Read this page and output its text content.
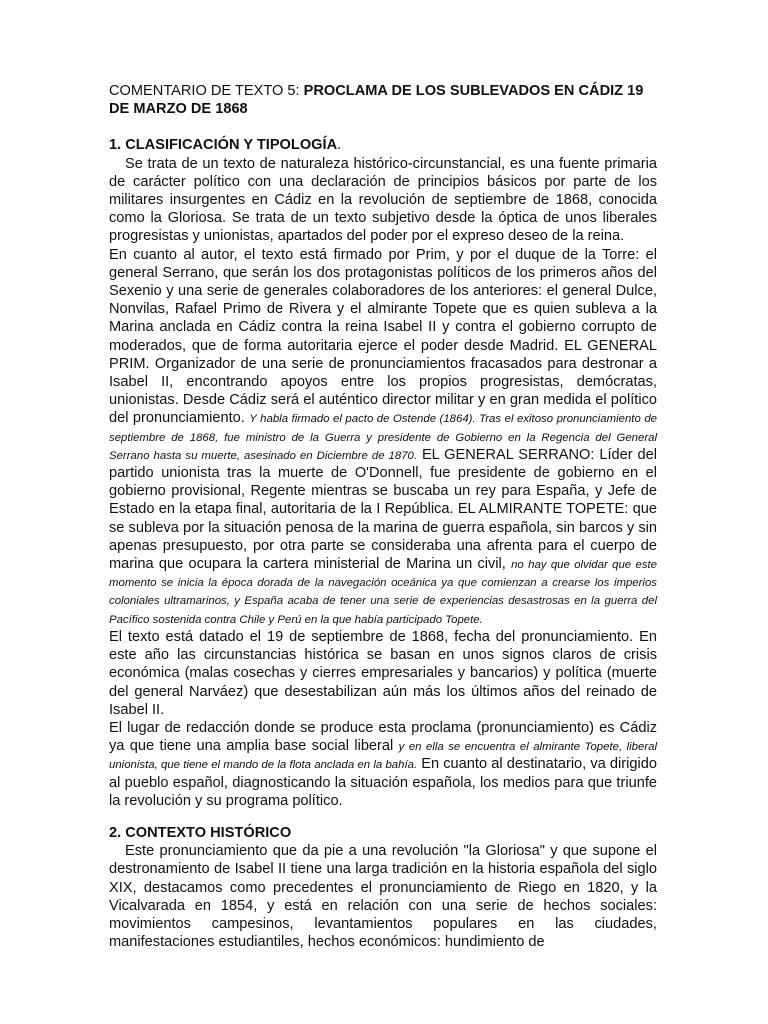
COMENTARIO DE TEXTO 5: PROCLAMA DE LOS SUBLEVADOS EN CÁDIZ 19 DE MARZO DE 1868
1. CLASIFICACIÓN Y TIPOLOGÍA.

Se trata de un texto de naturaleza histórico-circunstancial, es una fuente primaria de carácter político con una declaración de principios básicos por parte de los militares insurgentes en Cádiz en la revolución de septiembre de 1868, conocida como la Gloriosa. Se trata de un texto subjetivo desde la óptica de unos liberales progresistas y unionistas, apartados del poder por el expreso deseo de la reina.

En cuanto al autor, el texto está firmado por Prim, y por el duque de la Torre: el general Serrano, que serán los dos protagonistas políticos de los primeros años del Sexenio y una serie de generales colaboradores de los anteriores: el general Dulce, Nonvilas, Rafael Primo de Rivera y el almirante Topete que es quien subleva a la Marina anclada en Cádiz contra la reina Isabel II y contra el gobierno corrupto de moderados, que de forma autoritaria ejerce el poder desde Madrid. EL GENERAL PRIM. Organizador de una serie de pronunciamientos fracasados para destronar a Isabel II, encontrando apoyos entre los propios progresistas, demócratas, unionistas. Desde Cádiz será el auténtico director militar y en gran medida el político del pronunciamiento. Y habla firmado el pacto de Ostende (1864). Tras el exitoso pronunciamiento de septiembre de 1868, fue ministro de la Guerra y presidente de Gobierno en la Regencia del General Serrano hasta su muerte, asesinado en Diciembre de 1870. EL GENERAL SERRANO: Líder del partido unionista tras la muerte de O'Donnell, fue presidente de gobierno en el gobierno provisional, Regente mientras se buscaba un rey para España, y Jefe de Estado en la etapa final, autoritaria de la I República. EL ALMIRANTE TOPETE: que se subleva por la situación penosa de la marina de guerra española, sin barcos y sin apenas presupuesto, por otra parte se consideraba una afrenta para el cuerpo de marina que ocupara la cartera ministerial de Marina un civil, no hay que olvidar que este momento se inicia la época dorada de la navegación oceánica ya que comienzan a crearse los imperios coloniales ultramarinos, y España acaba de tener una serie de experiencias desastrosas en la guerra del Pacífico sostenida contra Chile y Perú en la que había participado Topete.

El texto está datado el 19 de septiembre de 1868, fecha del pronunciamiento. En este año las circunstancias histórica se basan en unos signos claros de crisis económica (malas cosechas y cierres empresariales y bancarios) y política (muerte del general Narváez) que desestabilizan aún más los últimos años del reinado de Isabel II.

El lugar de redacción donde se produce esta proclama (pronunciamiento) es Cádiz ya que tiene una amplia base social liberal y en ella se encuentra el almirante Topete, liberal unionista, que tiene el mando de la flota anclada en la bahía. En cuanto al destinatario, va dirigido al pueblo español, diagnosticando la situación española, los medios para que triunfe la revolución y su programa político.

2. CONTEXTO HISTÓRICO

Este pronunciamiento que da pie a una revolución "la Gloriosa" y que supone el destronamiento de Isabel II tiene una larga tradición en la historia española del siglo XIX, destacamos como precedentes el pronunciamiento de Riego en 1820, y la Vicalvarada en 1854, y está en relación con una serie de hechos sociales: movimientos campesinos, levantamientos populares en las ciudades, manifestaciones estudiantiles, hechos económicos: hundimiento de
